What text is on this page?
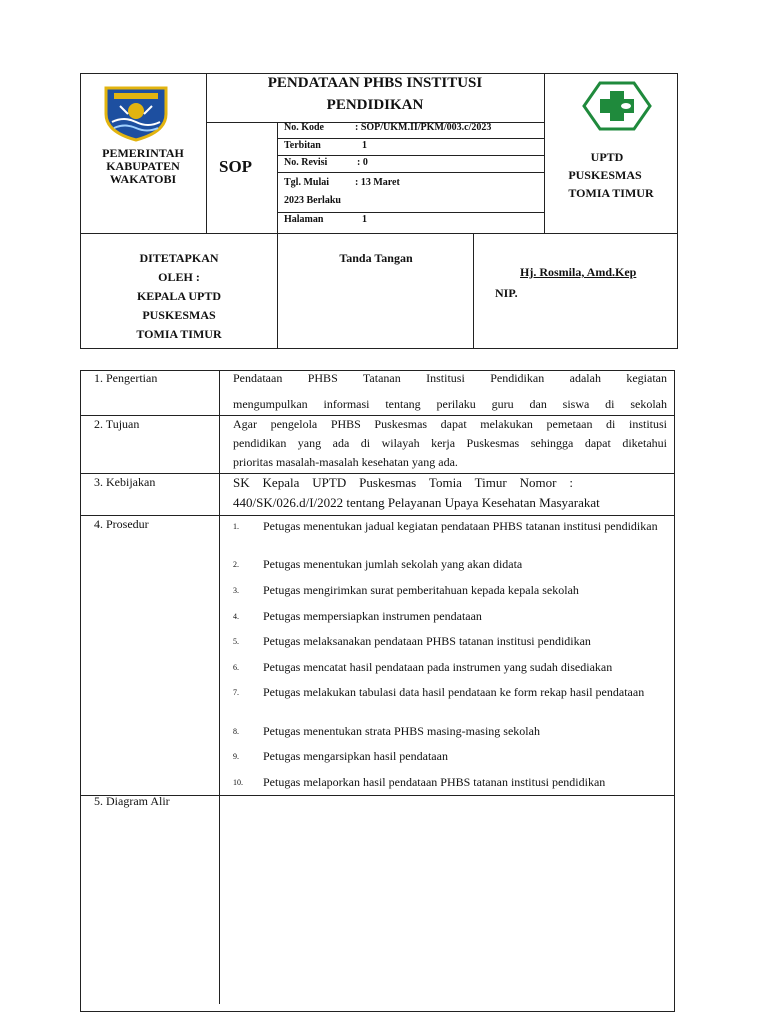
PEMERINTAH
KABUPATEN
WAKATOBI
PENDATAAN PHBS INSTITUSI
PENDIDIKAN
SOP
No. Kode	: SOP/UKM.II/PKM/003.c/2023
Terbitan	1
No. Revisi	: 0
Tgl. Mulai	: 13 Maret
2023 Berlaku
Halaman	1
UPTD
PUSKESMAS
TOMIA TIMUR
DITETAPKAN
OLEH :
KEPALA UPTD
PUSKESMAS
TOMIA TIMUR
Tanda Tangan
Hj. Rosmila, Amd.Kep
NIP.
1. Pengertian	Pendataan PHBS Tatanan Institusi Pendidikan adalah kegiatan
mengumpulkan informasi tentang perilaku guru dan siswa di sekolah
2. Tujuan	Agar pengelola PHBS Puskesmas dapat melakukan pemetaan di institusi
pendidikan yang ada di wilayah kerja Puskesmas sehingga dapat diketahui
prioritas masalah-masalah kesehatan yang ada.
3. Kebijakan	SK Kepala UPTD Puskesmas Tomia Timur Nomor :
440/SK/026.d/I/2022 tentang Pelayanan Upaya Kesehatan Masyarakat
4. Prosedur	1. Petugas menentukan jadual kegiatan pendataan PHBS tatanan institusi pendidikan
2. Petugas menentukan jumlah sekolah yang akan didata
3. Petugas mengirimkan surat pemberitahuan kepada kepala sekolah
4. Petugas mempersiapkan instrumen pendataan
5. Petugas melaksanakan pendataan PHBS tatanan institusi pendidikan
6. Petugas mencatat hasil pendataan pada instrumen yang sudah disediakan
7. Petugas melakukan tabulasi data hasil pendataan ke form rekap hasil pendataan
8. Petugas menentukan strata PHBS masing-masing sekolah
9. Petugas mengarsipkan hasil pendataan
10. Petugas melaporkan hasil pendataan PHBS tatanan institusi pendidikan
5. Diagram Alir
